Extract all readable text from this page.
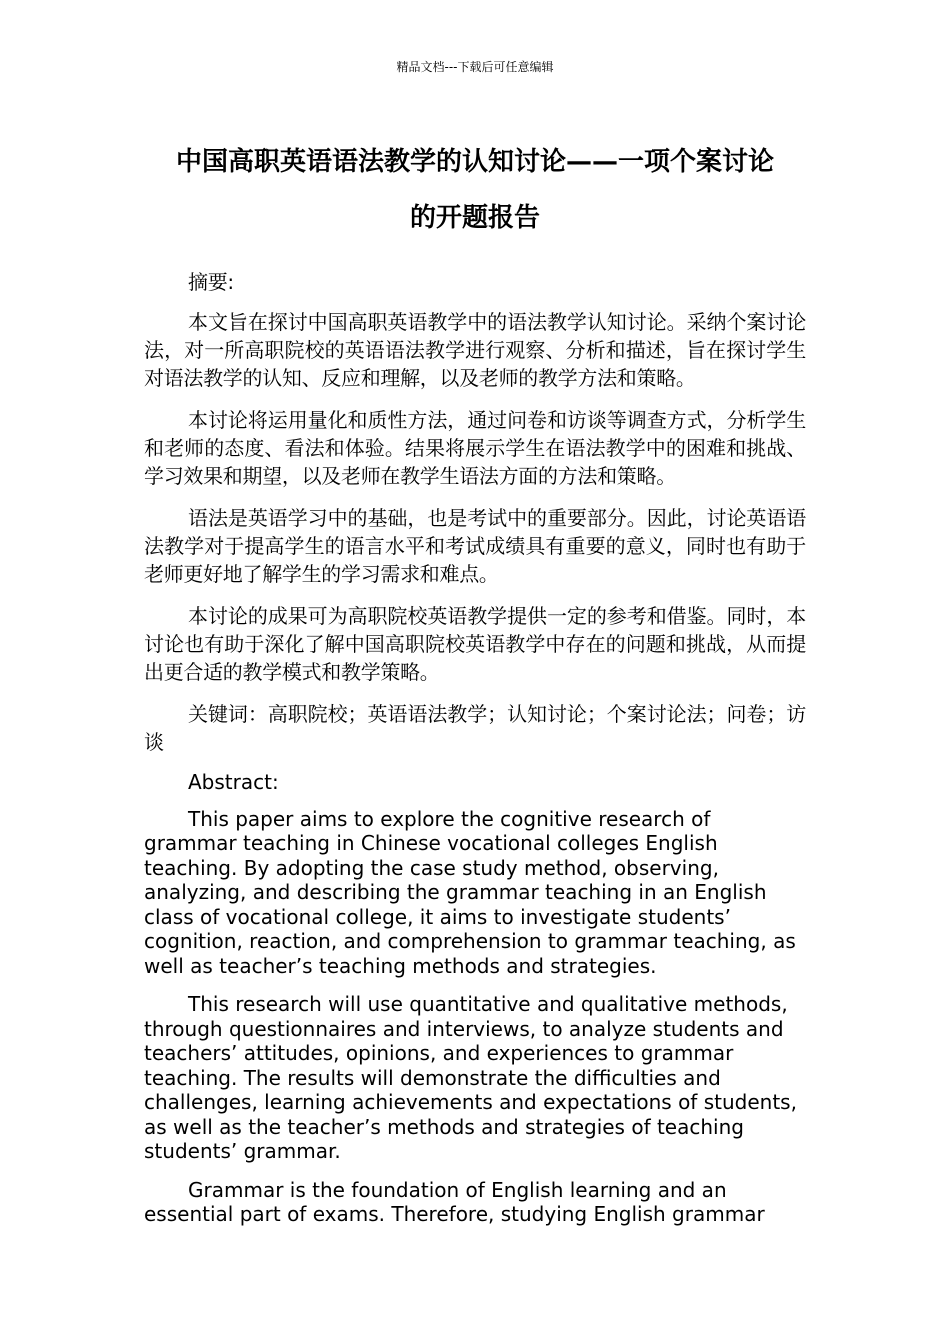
精品文档---下载后可任意编辑
中国高职英语语法教学的认知讨论——一项个案讨论
的开题报告

摘要:

本文旨在探讨中国高职英语教学中的语法教学认知讨论。采纳个案讨论法，对一所高职院校的英语语法教学进行观察、分析和描述，旨在探讨学生对语法教学的认知、反应和理解，以及老师的教学方法和策略。

本讨论将运用量化和质性方法，通过问卷和访谈等调查方式，分析学生和老师的态度、看法和体验。结果将展示学生在语法教学中的困难和挑战、学习效果和期望，以及老师在教学生语法方面的方法和策略。

语法是英语学习中的基础，也是考试中的重要部分。因此，讨论英语语法教学对于提高学生的语言水平和考试成绩具有重要的意义，同时也有助于老师更好地了解学生的学习需求和难点。

本讨论的成果可为高职院校英语教学提供一定的参考和借鉴。同时，本讨论也有助于深化了解中国高职院校英语教学中存在的问题和挑战，从而提出更合适的教学模式和教学策略。

关键词：高职院校；英语语法教学；认知讨论；个案讨论法；问卷；访谈

Abstract:

This paper aims to explore the cognitive research of grammar teaching in Chinese vocational colleges English teaching. By adopting the case study method, observing, analyzing, and describing the grammar teaching in an English class of vocational college, it aims to investigate students’ cognition, reaction, and comprehension to grammar teaching, as well as teacher’s teaching methods and strategies.

This research will use quantitative and qualitative methods, through questionnaires and interviews, to analyze students and teachers’ attitudes, opinions, and experiences to grammar teaching. The results will demonstrate the difficulties and challenges, learning achievements and expectations of students, as well as the teacher’s methods and strategies of teaching students’ grammar.

Grammar is the foundation of English learning and an essential part of exams. Therefore, studying English grammar
